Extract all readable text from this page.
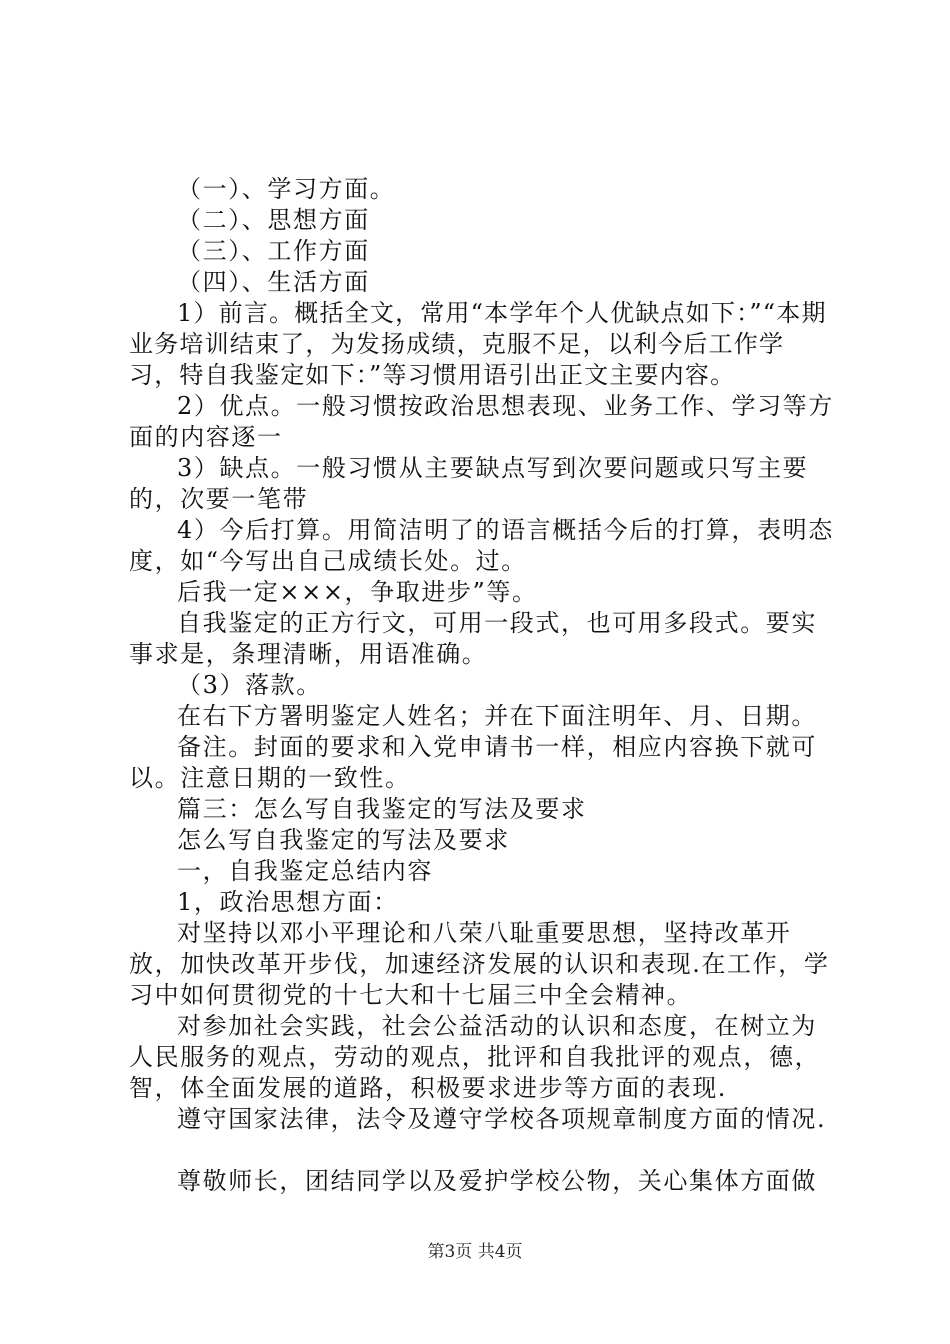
（一）、学习方面。

（二）、思想方面

（三）、工作方面

（四）、生活方面

1）前言。概括全文，常用“本学年个人优缺点如下：”“本期业务培训结束了，为发扬成绩，克服不足，以利今后工作学习，特自我鉴定如下：”等习惯用语引出正文主要内容。

2）优点。一般习惯按政治思想表现、业务工作、学习等方面的内容逐一

3）缺点。一般习惯从主要缺点写到次要问题或只写主要的，次要一笔带

4）今后打算。用简洁明了的语言概括今后的打算，表明态度，如“今写出自己成绩长处。过。

后我一定×××，争取进步”等。

自我鉴定的正方行文，可用一段式，也可用多段式。要实事求是，条理清晰，用语准确。

（3）落款。

在右下方署明鉴定人姓名；并在下面注明年、月、日期。

备注。封面的要求和入党申请书一样，相应内容换下就可以。注意日期的一致性。

篇三：怎么写自我鉴定的写法及要求

怎么写自我鉴定的写法及要求

一，自我鉴定总结内容

1，政治思想方面：

对坚持以邓小平理论和八荣八耻重要思想，坚持改革开放，加快改革开步伐，加速经济发展的认识和表现.在工作，学习中如何贯彻党的十七大和十七届三中全会精神。

对参加社会实践，社会公益活动的认识和态度，在树立为人民服务的观点，劳动的观点，批评和自我批评的观点，德，智，体全面发展的道路，积极要求进步等方面的表现.

遵守国家法律，法令及遵守学校各项规章制度方面的情况.

尊敬师长，团结同学以及爱护学校公物，关心集体方面做

第3页 共4页
